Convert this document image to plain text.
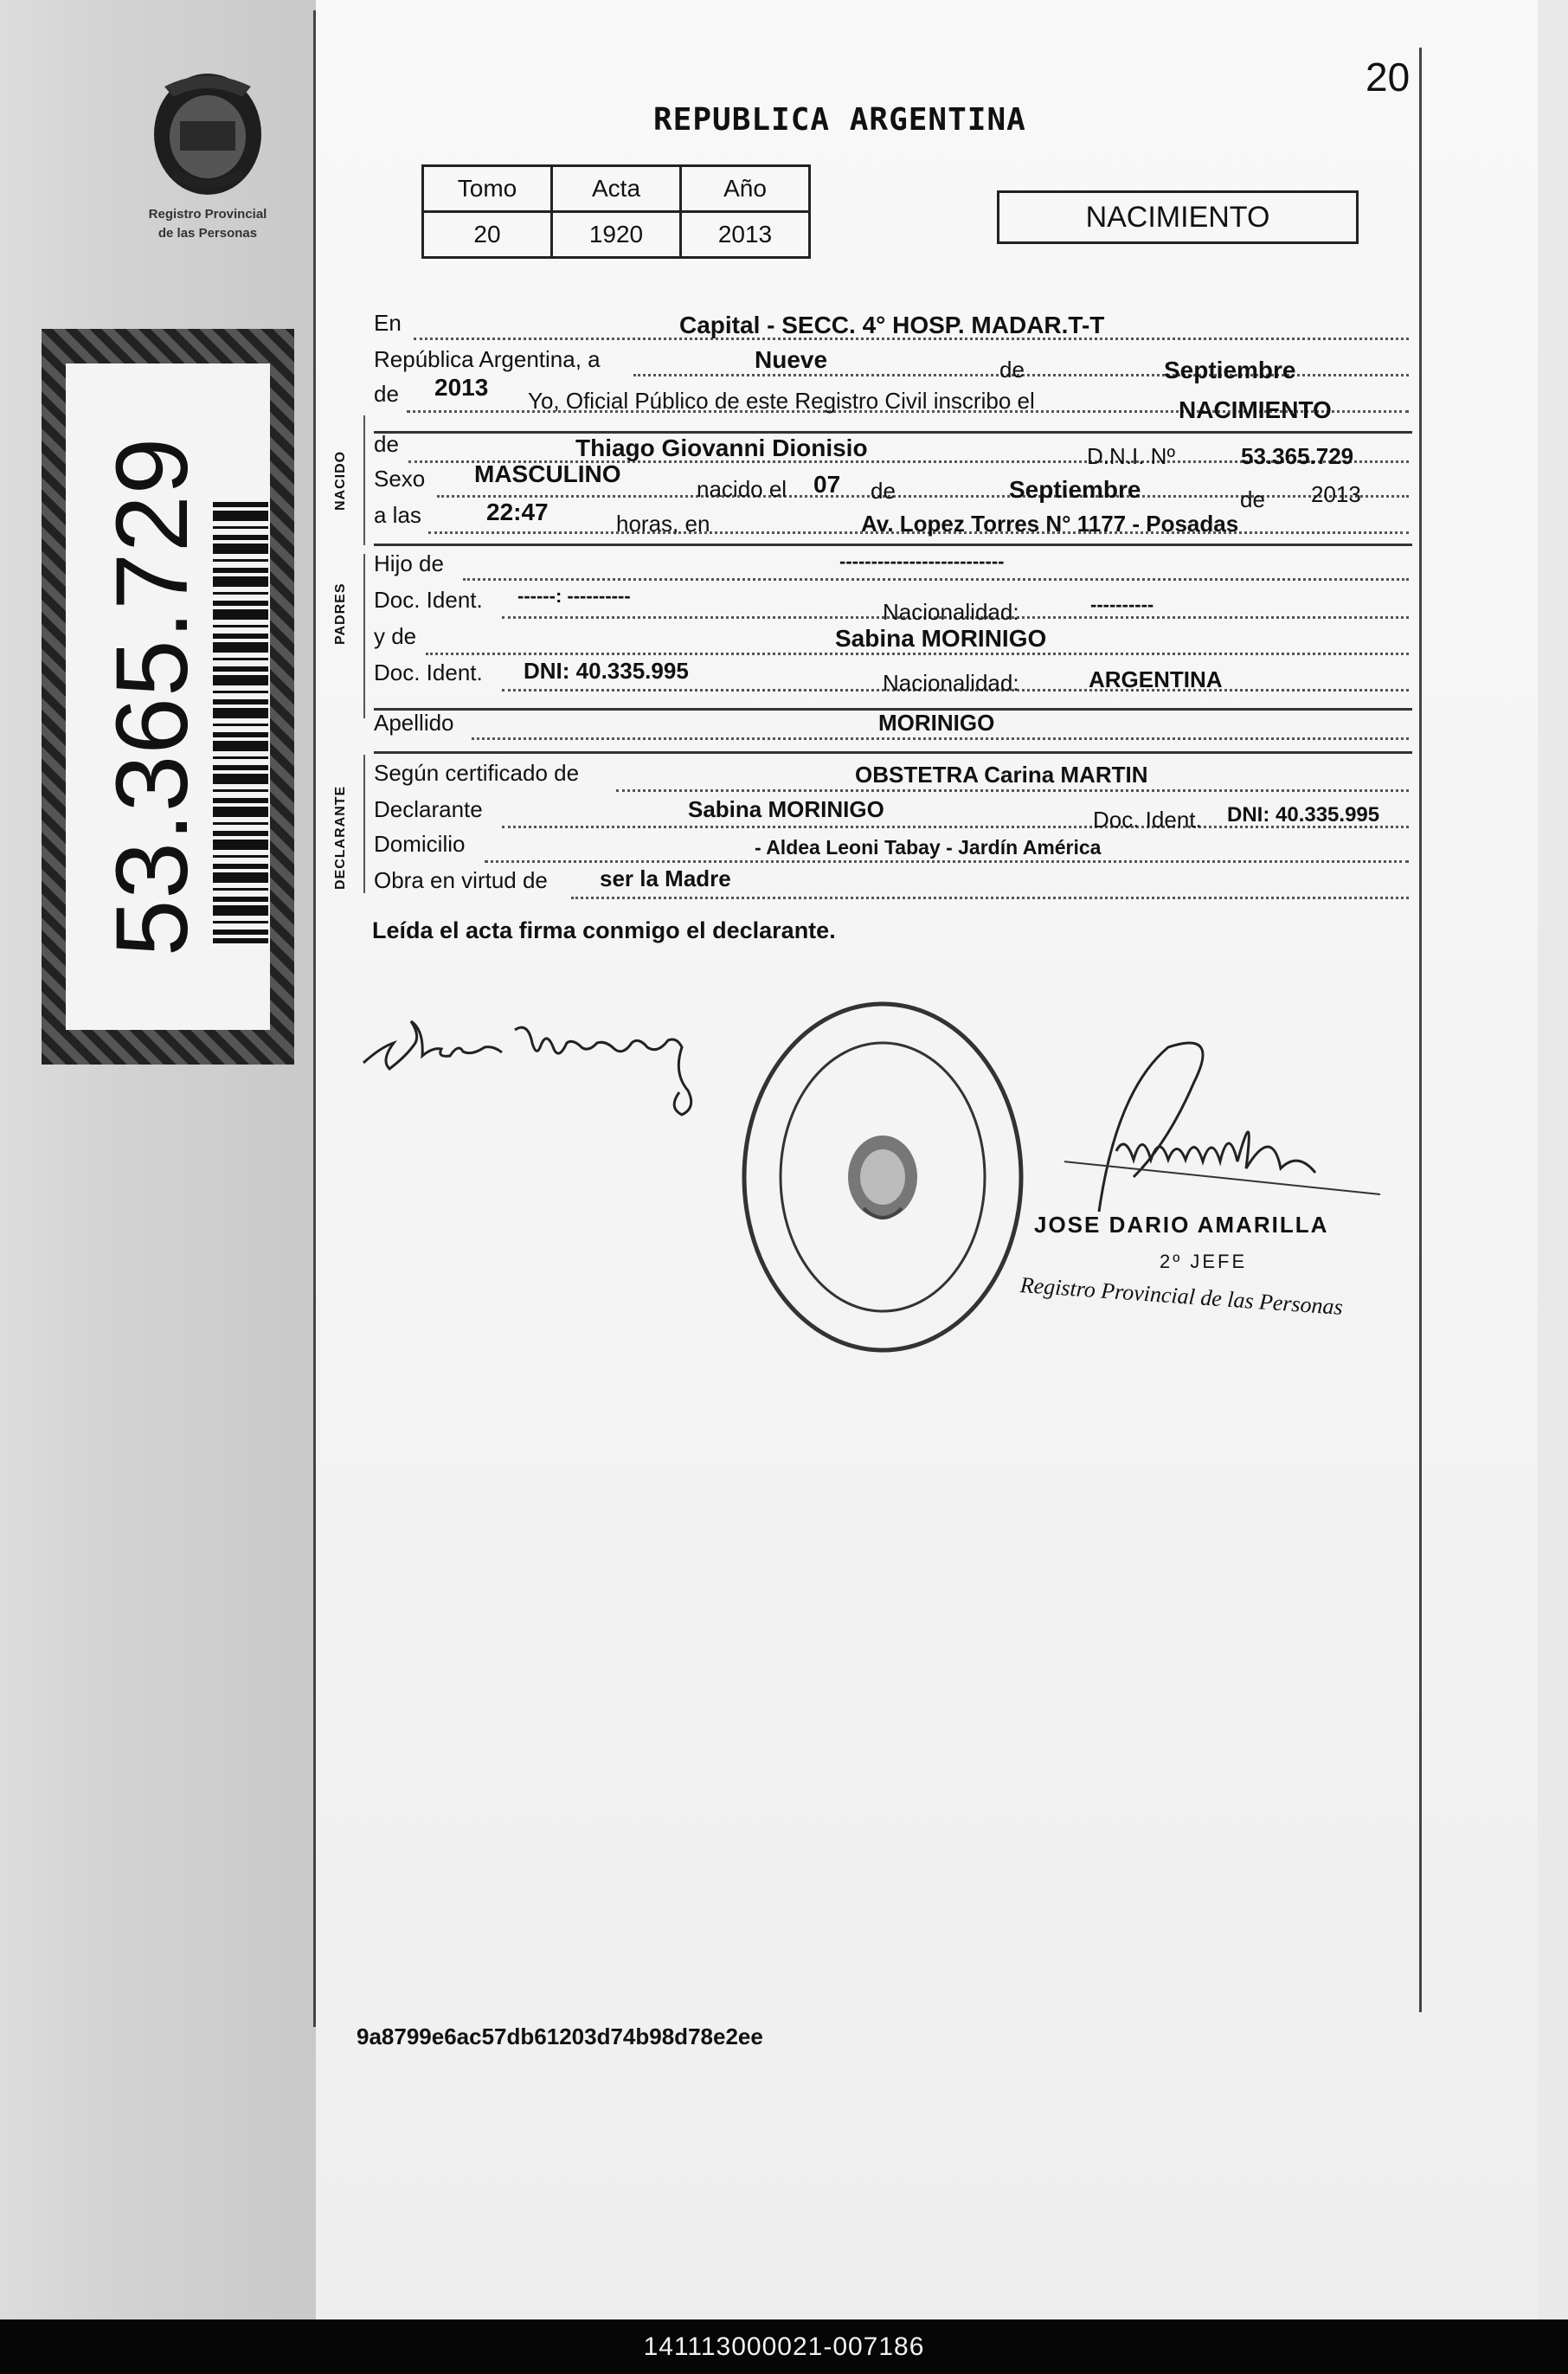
Registro Provincial
de las Personas
53.365.729
20
REPUBLICA ARGENTINA
Tomo	Acta	Año
20	1920	2013
NACIMIENTO
En	Capital - SECC. 4° HOSP. MADAR.T-T
República Argentina, a	Nueve	de	Septiembre
de 2013 Yo, Oficial Público de este Registro Civil inscribo el	NACIMIENTO
NACIDO
de	Thiago Giovanni Dionisio	D.N.I. Nº	53.365.729
Sexo MASCULINO
nacido el 07 de	Septiembre	de 2013
a las	22:47	horas, en	Av. Lopez Torres N° 1177 - Posadas
PADRES
Hijo de	--------------------------
Doc. Ident. ------: ----------
Nacionalidad:	----------
y de	Sabina MORINIGO
Doc. Ident. DNI: 40.335.995	Nacionalidad:	ARGENTINA
Apellido	MORINIGO
DECLARANTE
Según certificado de	OBSTETRA Carina MARTIN
Declarante	Sabina MORINIGO	Doc. Ident. DNI: 40.335.995
Domicilio	- Aldea Leoni Tabay - Jardín América
Obra en virtud de ser la Madre
Leída el acta firma conmigo el declarante.
JOSE DARIO AMARILLA
2º JEFE
Registro Provincial de las Personas
9a8799e6ac57db61203d74b98d78e2ee
141113000021-007186
